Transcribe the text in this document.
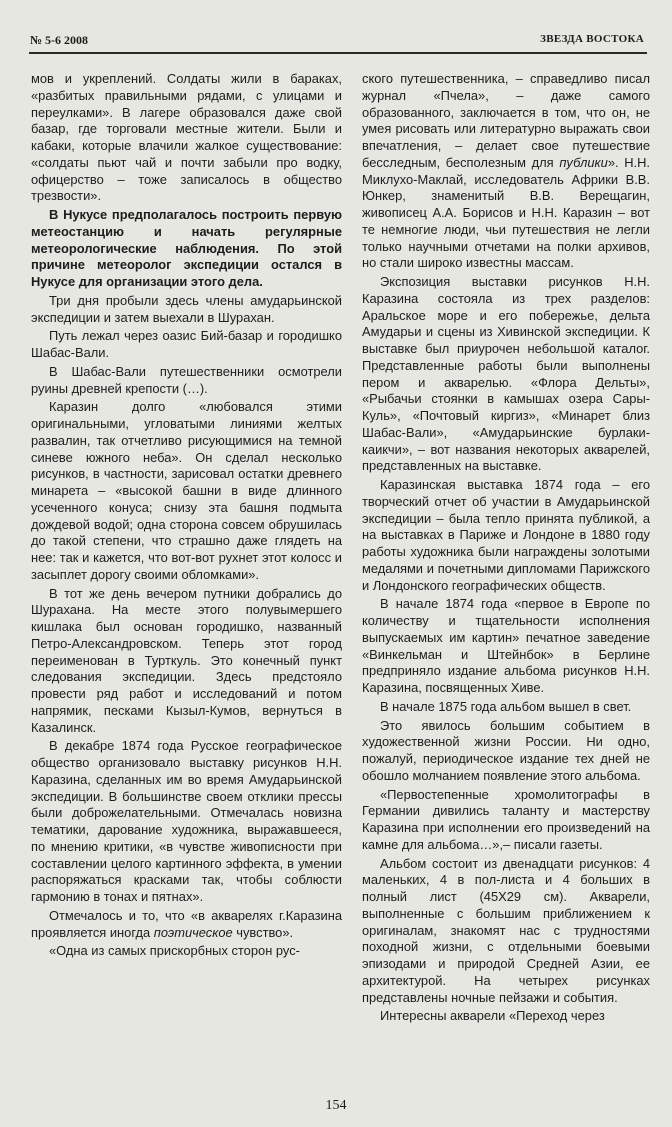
№ 5-6 2008	ЗВЕЗДА ВОСТОКА

мов и укреплений. Солдаты жили в бараках, «разбитых правильными рядами, с улицами и переулками». В лагере образовался даже свой базар, где торговали местные жители. Были и кабаки, которые влачили жалкое существование: «солдаты пьют чай и почти забыли про водку, офицерство – тоже записалось в общество трезвости».

В Нукусе предполагалось построить первую метеостанцию и начать регулярные метеорологические наблюдения. По этой причине метеоролог экспедиции остался в Нукусе для организации этого дела.

Три дня пробыли здесь члены амударьинской экспедиции и затем выехали в Шурахан.

Путь лежал через оазис Бий-базар и городишко Шабас-Вали.

В Шабас-Вали путешественники осмотрели руины древней крепости (…).

Каразин долго «любовался этими оригинальными, угловатыми линиями желтых развалин, так отчетливо рисующимися на темной синеве южного неба». Он сделал несколько рисунков, в частности, зарисовал остатки древнего минарета – «высокой башни в виде длинного усеченного конуса; снизу эта башня подмыта дождевой водой; одна сторона совсем обрушилась до такой степени, что страшно даже глядеть на нее: так и кажется, что вот-вот рухнет этот колосс и засыплет дорогу своими обломками».

В тот же день вечером путники добрались до Шурахана. На месте этого полувымершего кишлака был основан городишко, названный Петро-Александровском. Теперь этот город переименован в Турткуль. Это конечный пункт следования экспедиции. Здесь предстояло провести ряд работ и исследований и потом напрямик, песками Кызыл-Кумов, вернуться в Казалинск.

В декабре 1874 года Русское географическое общество организовало выставку рисунков Н.Н. Каразина, сделанных им во время Амударьинской экспедиции. В большинстве своем отклики прессы были доброжелательными. Отмечалась новизна тематики, дарование художника, выражавшееся, по мнению критики, «в чувстве живописности при составлении целого картинного эффекта, в умении распоряжаться красками так, чтобы соблюсти гармонию в тонах и пятнах».

Отмечалось и то, что «в акварелях г.Каразина проявляется иногда поэтическое чувство».

«Одна из самых прискорбных сторон рус-

ского путешественника, – справедливо писал журнал «Пчела», – даже самого образованного, заключается в том, что он, не умея рисовать или литературно выражать свои впечатления, – делает свое путешествие бесследным, бесполезным для публики». Н.Н. Миклухо-Маклай, исследователь Африки В.В. Юнкер, знаменитый В.В. Верещагин, живописец А.А. Борисов и Н.Н. Каразин – вот те немногие люди, чьи путешествия не легли только научными отчетами на полки архивов, но стали широко известны массам.

Экспозиция выставки рисунков Н.Н. Каразина состояла из трех разделов: Аральское море и его побережье, дельта Амударьи и сцены из Хивинской экспедиции. К выставке был приурочен небольшой каталог. Представленные работы были выполнены пером и акварелью. «Флора Дельты», «Рыбачьи стоянки в камышах озера Сары-Куль», «Почтовый киргиз», «Минарет близ Шабас-Вали», «Амударьинские бурлаки-каикчи», – вот названия некоторых акварелей, представленных на выставке.

Каразинская выставка 1874 года – его творческий отчет об участии в Амударьинской экспедиции – была тепло принята публикой, а на выставках в Париже и Лондоне в 1880 году работы художника были награждены золотыми медалями и почетными дипломами Парижского и Лондонского географических обществ.

В начале 1874 года «первое в Европе по количеству и тщательности исполнения выпускаемых им картин» печатное заведение «Винкельман и Штейнбок» в Берлине предприняло издание альбома рисунков Н.Н. Каразина, посвященных Хиве.

В начале 1875 года альбом вышел в свет.

Это явилось большим событием в художественной жизни России. Ни одно, пожалуй, периодическое издание тех дней не обошло молчанием появление этого альбома.

«Первостепенные хромолитографы в Германии дивились таланту и мастерству Каразина при исполнении его произведений на камне для альбома…»,– писали газеты.

Альбом состоит из двенадцати рисунков: 4 маленьких, 4 в пол-листа и 4 больших в полный лист (45Х29 см). Акварели, выполненные с большим приближением к оригиналам, знакомят нас с трудностями походной жизни, с отдельными боевыми эпизодами и природой Средней Азии, ее архитектурой. На четырех рисунках представлены ночные пейзажи и события.

Интересны акварели «Переход через

154
